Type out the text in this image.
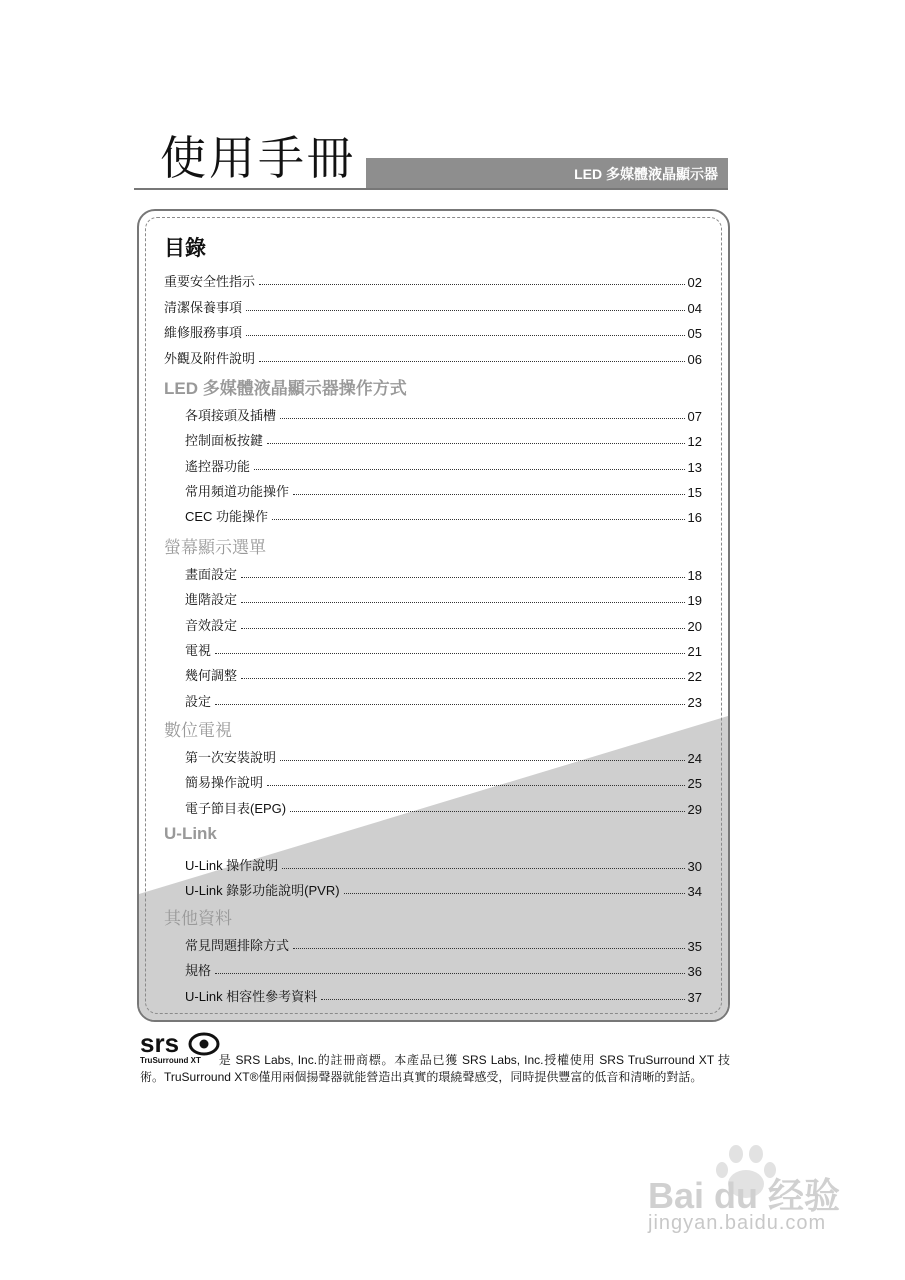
使用手冊	LED 多媒體液晶顯示器
目錄
重要安全性指示	02
清潔保養事項	04
維修服務事項	05
外觀及附件說明	06
LED 多媒體液晶顯示器操作方式
各項接頭及插槽	07
控制面板按鍵	12
遙控器功能	13
常用頻道功能操作	15
CEC 功能操作	16
螢幕顯示選單
畫面設定	18
進階設定	19
音效設定	20
電視	21
幾何調整	22
設定	23
數位電視
第一次安裝說明	24
簡易操作說明	25
電子節目表(EPG)	29
U-Link
U-Link 操作說明	30
U-Link 錄影功能說明(PVR)	34
其他資料
常見問題排除方式	35
規格	36
U-Link 相容性參考資料	37
srs
TruSurround XT	是 SRS Labs, Inc.的註冊商標。本產品已獲 SRS Labs, Inc.授權使用 SRS TruSurround XT 技術。TruSurround XT®僅用兩個揚聲器就能營造出真實的環繞聲感受，同時提供豐富的低音和清晰的對話。
Bai du 经验
jingyan.baidu.com
